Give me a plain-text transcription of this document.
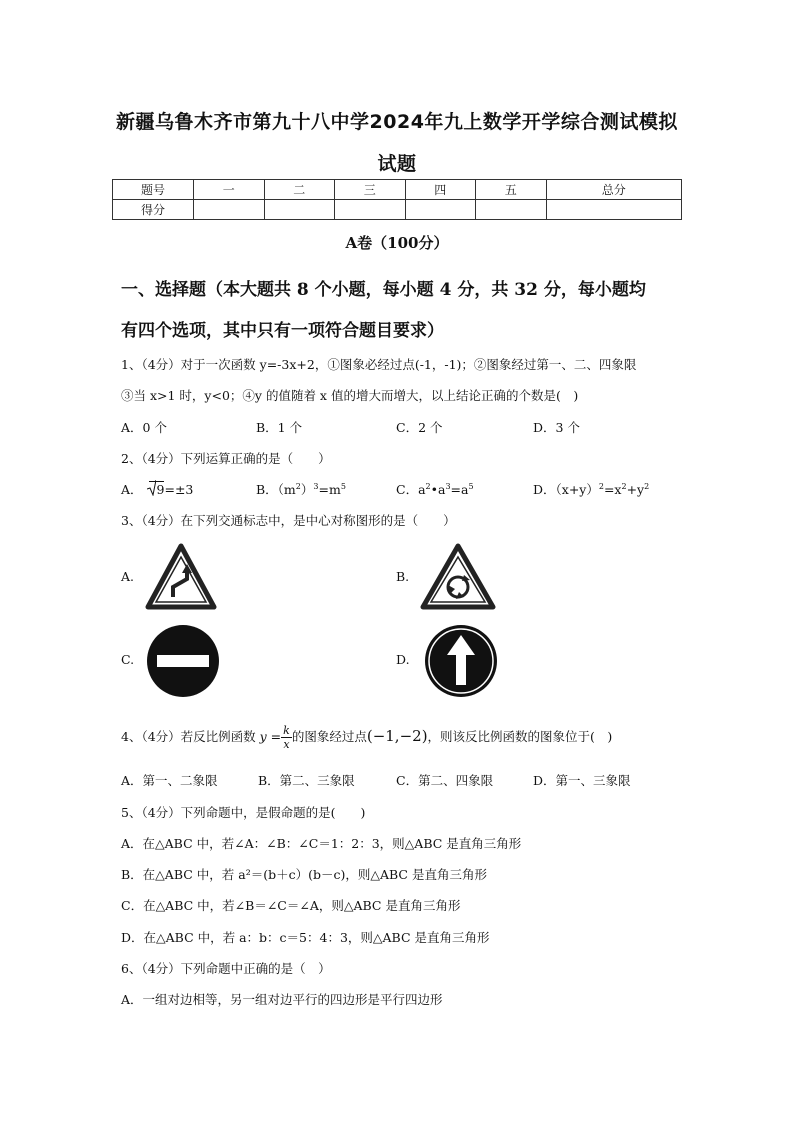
新疆乌鲁木齐市第九十八中学2024年九上数学开学综合测试模拟
试题
题号	一	二	三	四	五	总分
得分						
A卷（100分）
一、选择题（本大题共 8 个小题，每小题 4 分，共 32 分，每小题均
有四个选项，其中只有一项符合题目要求）
1、（4分）对于一次函数 y=-3x+2，①图象必经过点(-1，-1)；②图象经过第一、二、四象限
③当 x>1 时，y<0；④y 的值随着 x 值的增大而增大，以上结论正确的个数是(　)
A．0 个	B．1 个	C．2 个	D．3 个
2、（4分）下列运算正确的是（　　）
A． 9=±3	B．$(m^2)^3=m^5$	C．$a^2•a^3=a^5$	D．$(x+y)^2=x^2+y^2$
3、（4分）在下列交通标志中，是中心对称图形的是（　　）
A.	B.
C.	D.
4、（4分）若反比例函数 $y = \frac{k}{x}$ 的图象经过点(−1,−2)，则该反比例函数的图象位于(　)
A．第一、二象限	B．第二、三象限	C．第二、四象限	D．第一、三象限
5、（4分）下列命题中，是假命题的是(　　)
A．在△ABC 中，若∠A：∠B：∠C＝1：2：3，则△ABC 是直角三角形
B．在△ABC 中，若 a²＝(b＋c）(b－c)，则△ABC 是直角三角形
C．在△ABC 中，若∠B＝∠C＝∠A，则△ABC 是直角三角形
D．在△ABC 中，若 a：b：c＝5：4：3，则△ABC 是直角三角形
6、（4分）下列命题中正确的是（　）
A．一组对边相等，另一组对边平行的四边形是平行四边形
